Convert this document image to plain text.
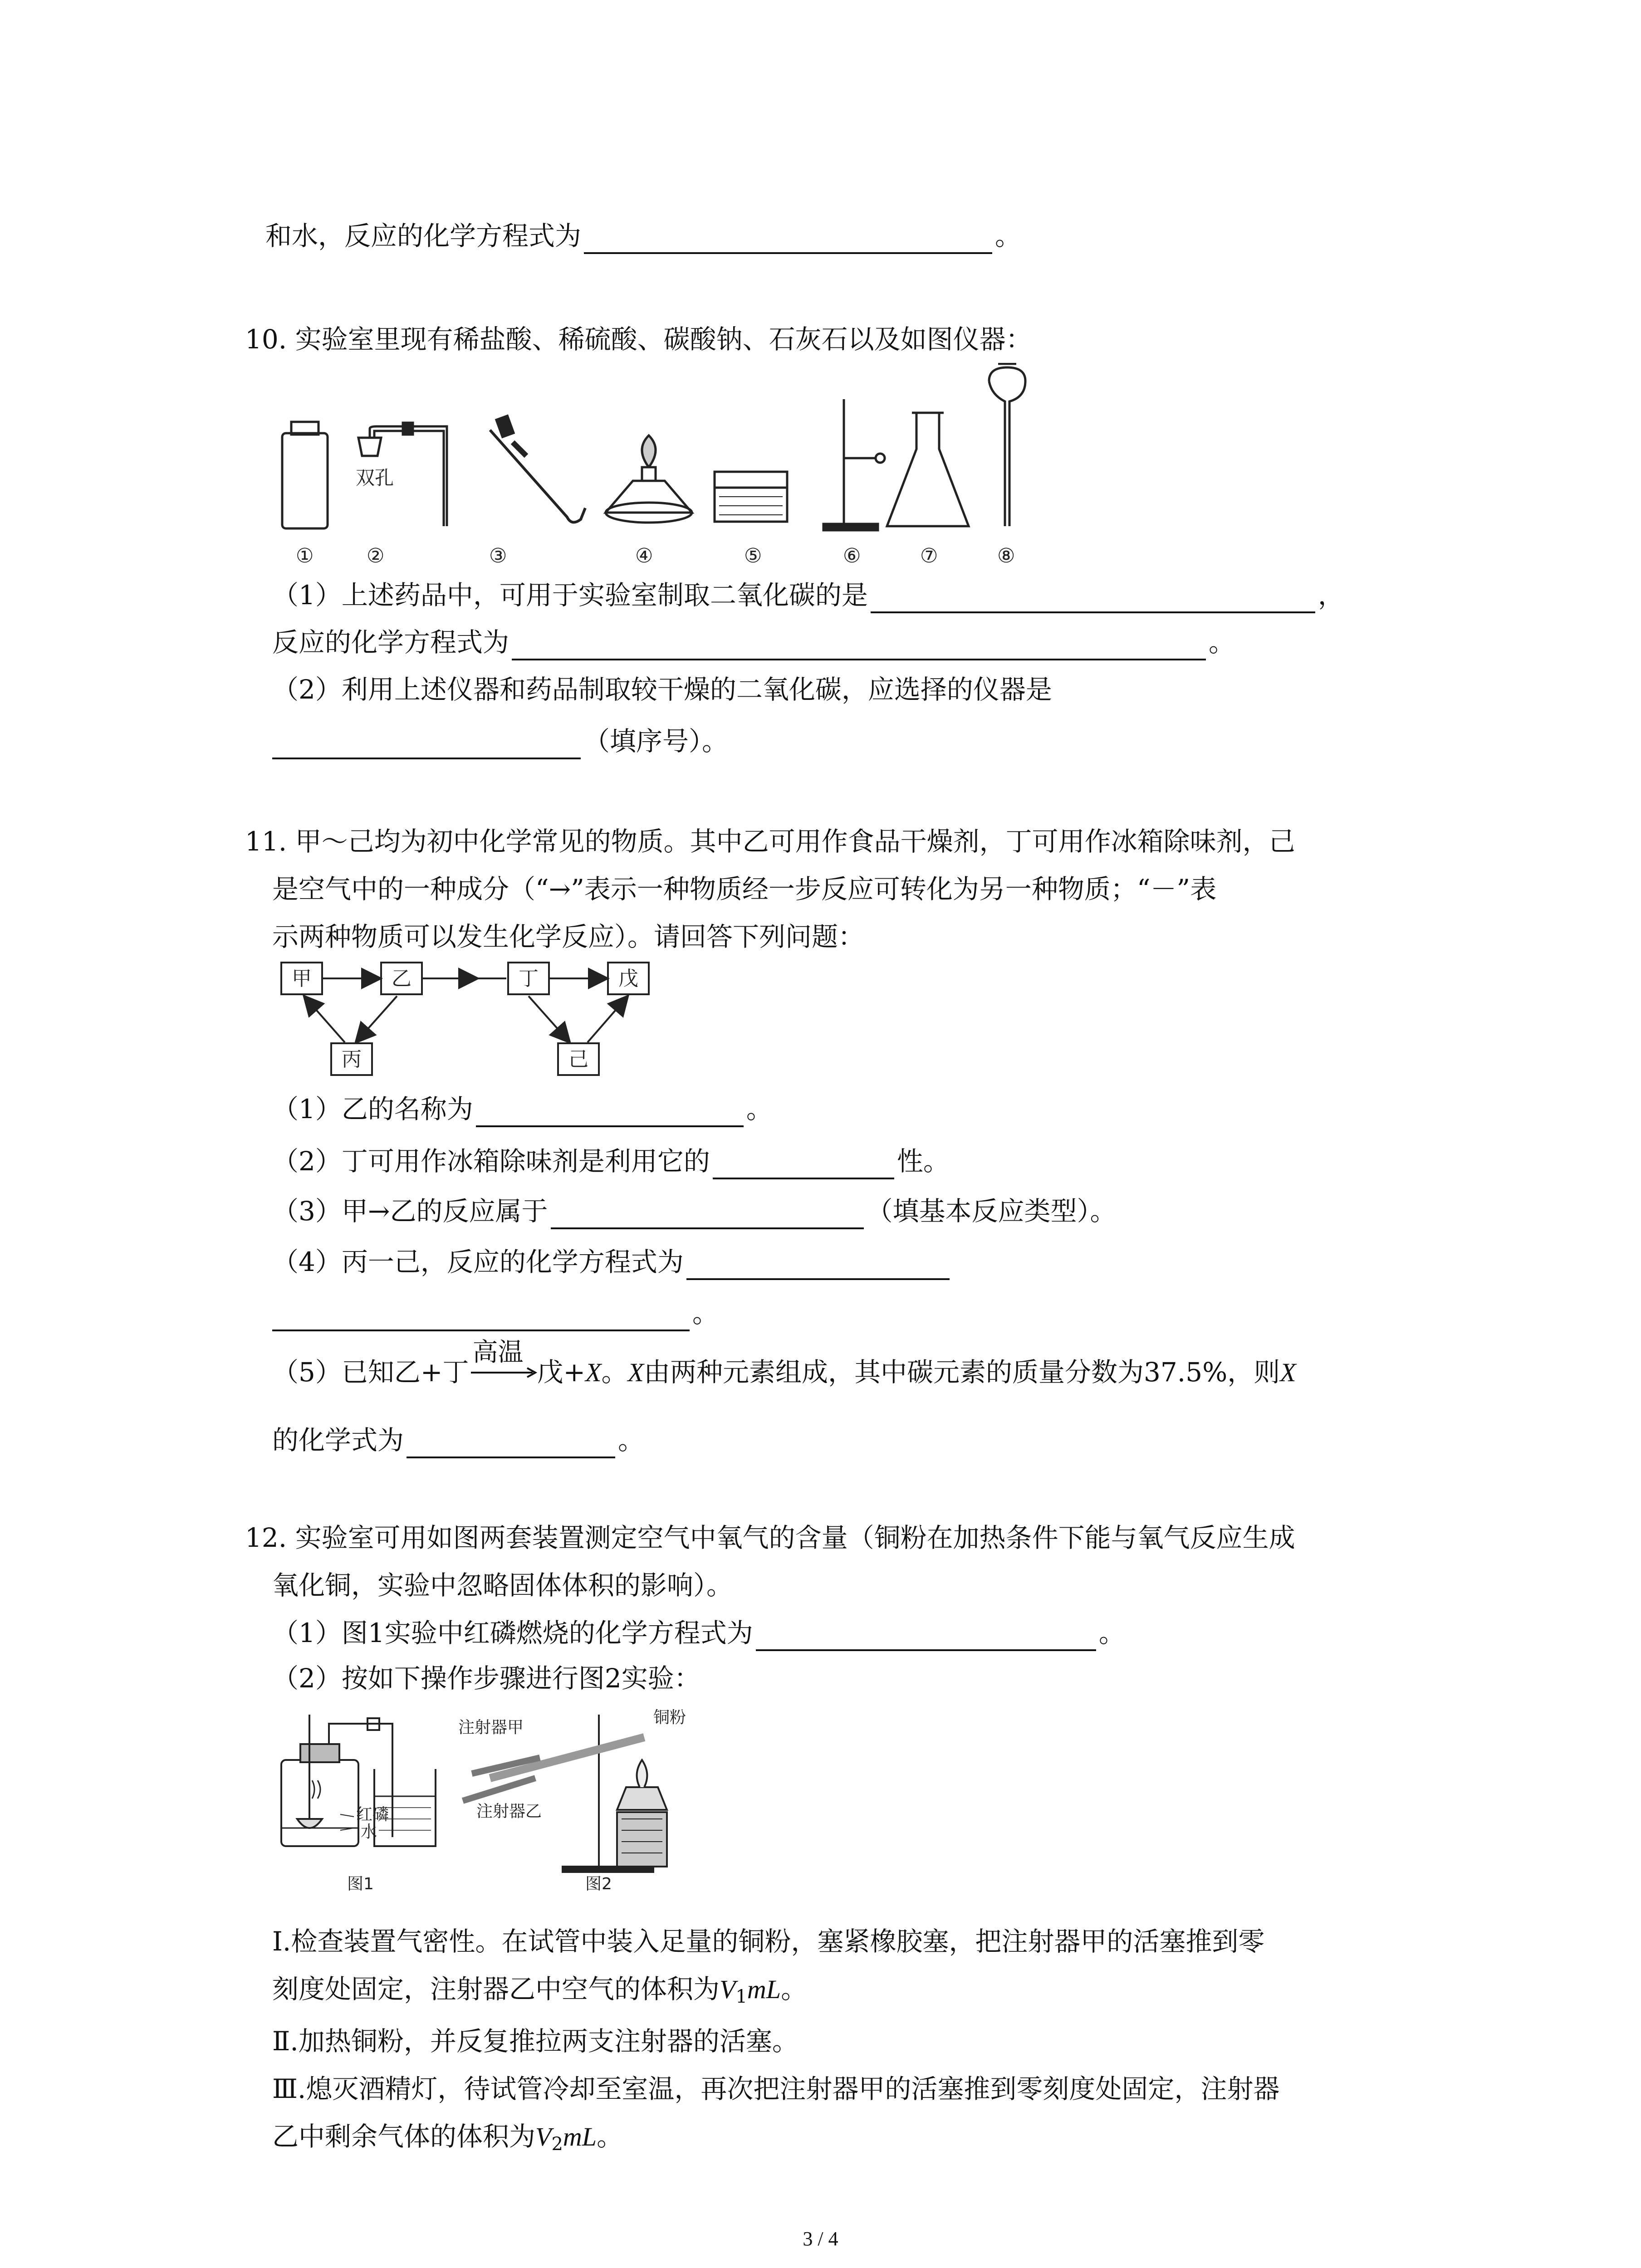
和水，反应的化学方程式为	。
10. 实验室里现有稀盐酸、稀硫酸、碳酸钠、石灰石以及如图仪器：
双孔
①	②	③	④	⑤	⑥	⑦	⑧
（1）上述药品中，可用于实验室制取二氧化碳的是	，
反应的化学方程式为	。
（2）利用上述仪器和药品制取较干燥的二氧化碳，应选择的仪器是
（填序号）。
11. 甲～己均为初中化学常见的物质。其中乙可用作食品干燥剂，丁可用作冰箱除味剂，己
是空气中的一种成分（“→”表示一种物质经一步反应可转化为另一种物质；“－”表
示两种物质可以发生化学反应）。请回答下列问题：
甲	乙	丁	戊
丙	己
（1）乙的名称为	。
（2）丁可用作冰箱除味剂是利用它的	性。
（3）甲→乙的反应属于	（填基本反应类型）。
（4）丙一己，反应的化学方程式为
。
（5）已知乙+丁
高温
戊+X。X由两种元素组成，其中碳元素的质量分数为37.5%，则X
的化学式为	。
12. 实验室可用如图两套装置测定空气中氧气的含量（铜粉在加热条件下能与氧气反应生成
氧化铜，实验中忽略固体体积的影响）。
（1）图1实验中红磷燃烧的化学方程式为	。
（2）按如下操作步骤进行图2实验：
红磷
水
图1
注射器甲
注射器乙
铜粉
图2
Ⅰ.检查装置气密性。在试管中装入足量的铜粉，塞紧橡胶塞，把注射器甲的活塞推到零
刻度处固定，注射器乙中空气的体积为$V_1mL$。
Ⅱ.加热铜粉，并反复推拉两支注射器的活塞。
Ⅲ.熄灭酒精灯，待试管冷却至室温，再次把注射器甲的活塞推到零刻度处固定，注射器
乙中剩余气体的体积为$V_2mL$。
3 / 4
